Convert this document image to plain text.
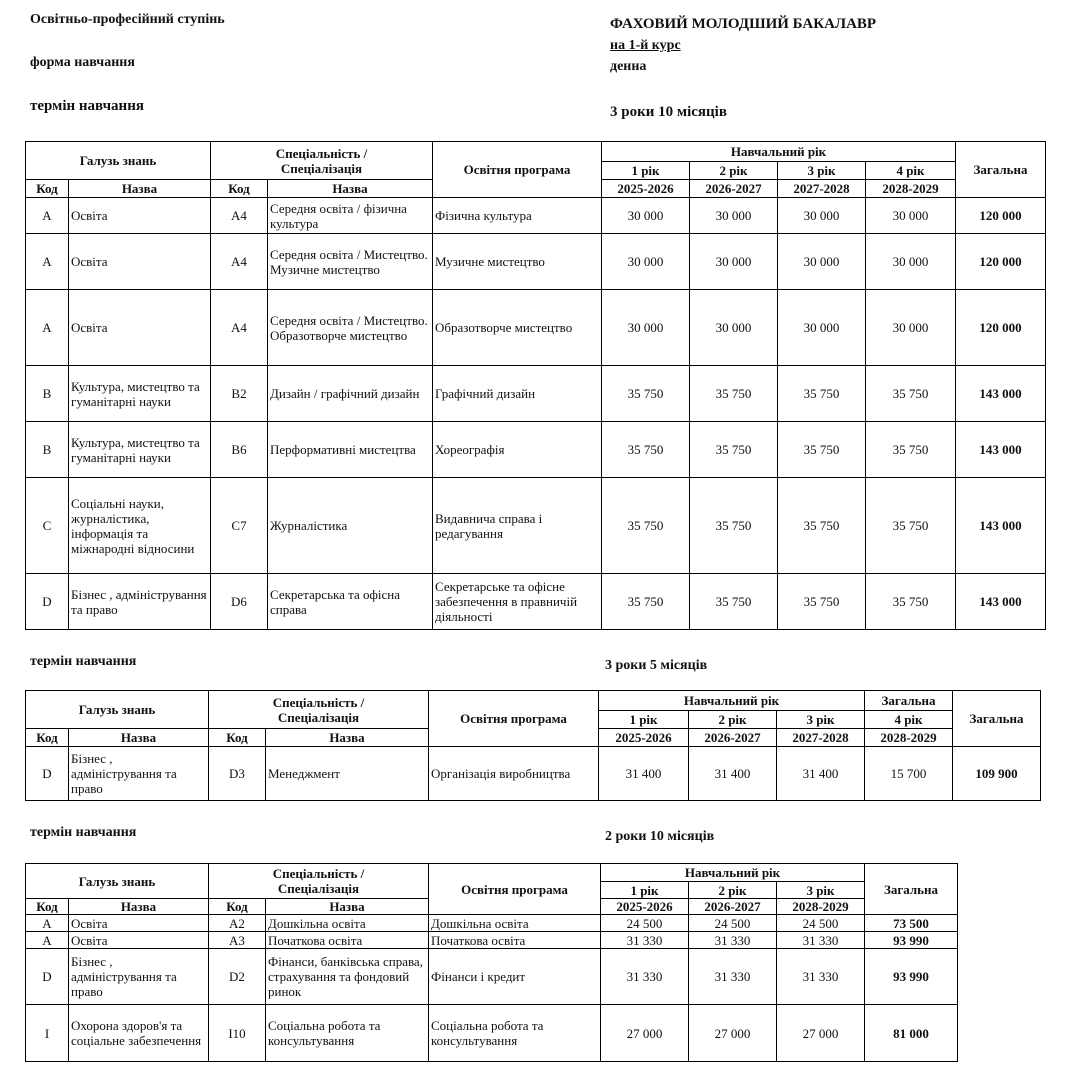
Освітньо-професійний ступінь	ФАХОВИЙ МОЛОДШИЙ БАКАЛАВР
на 1-й курс
форма навчання	денна
термін навчання	3 роки 10 місяців
Галузь знань		Спеціальність /
Спеціалізація		Освітня програма	Навчальний рік				Загальна
					1 рік	2 рік	3 рік	4 рік	
Код	Назва	Код	Назва		2025-2026	2026-2027	2027-2028	2028-2029	
A	Освіта	A4	Середня освіта / фізична культура	Фізична культура	30 000	30 000	30 000	30 000	120 000
A	Освіта	A4	Середня освіта / Мистецтво. Музичне мистецтво	Музичне мистецтво	30 000	30 000	30 000	30 000	120 000
A	Освіта	A4	Середня освіта / Мистецтво. Образотворче мистецтво	Образотворче мистецтво	30 000	30 000	30 000	30 000	120 000
B	Культура, мистецтво та гуманітарні науки	B2	Дизайн / графічний дизайн	Графічний дизайн	35 750	35 750	35 750	35 750	143 000
B	Культура, мистецтво та гуманітарні науки	B6	Перформативні мистецтва	Хореографія	35 750	35 750	35 750	35 750	143 000
C	Соціальні науки, журналістика, інформація та міжнародні відносини	C7	Журналістика	Видавнича справа і редагування	35 750	35 750	35 750	35 750	143 000
D	Бізнес , адміністрування та право	D6	Секретарська та офісна справа	Секретарське та офісне забезпечення в правничій діяльності	35 750	35 750	35 750	35 750	143 000
термін навчання	3 роки 5 місяців
Галузь знань		Спеціальність /
Спеціалізація		Освітня програма	Навчальний рік			Загальна	Загальна
					1 рік	2 рік	3 рік	4 рік	
Код	Назва	Код	Назва		2025-2026	2026-2027	2027-2028	2028-2029	
D	Бізнес , адміністрування та право	D3	Менеджмент	Організація виробництва	31 400	31 400	31 400	15 700	109 900
термін навчання	2 роки 10 місяців
Галузь знань		Спеціальність /
Спеціалізація		Освітня програма	Навчальний рік			Загальна
					1 рік	2 рік	3 рік	
Код	Назва	Код	Назва		2025-2026	2026-2027	2028-2029	
A	Освіта	A2	Дошкільна освіта	Дошкільна освіта	24 500	24 500	24 500	73 500
A	Освіта	A3	Початкова освіта	Початкова освіта	31 330	31 330	31 330	93 990
D	Бізнес , адміністрування та право	D2	Фінанси, банківська справа, страхування та фондовий ринок	Фінанси і кредит	31 330	31 330	31 330	93 990
I	Охорона здоров'я та соціальне забезпечення	I10	Соціальна робота та консультування	Соціальна робота та консультування	27 000	27 000	27 000	81 000
